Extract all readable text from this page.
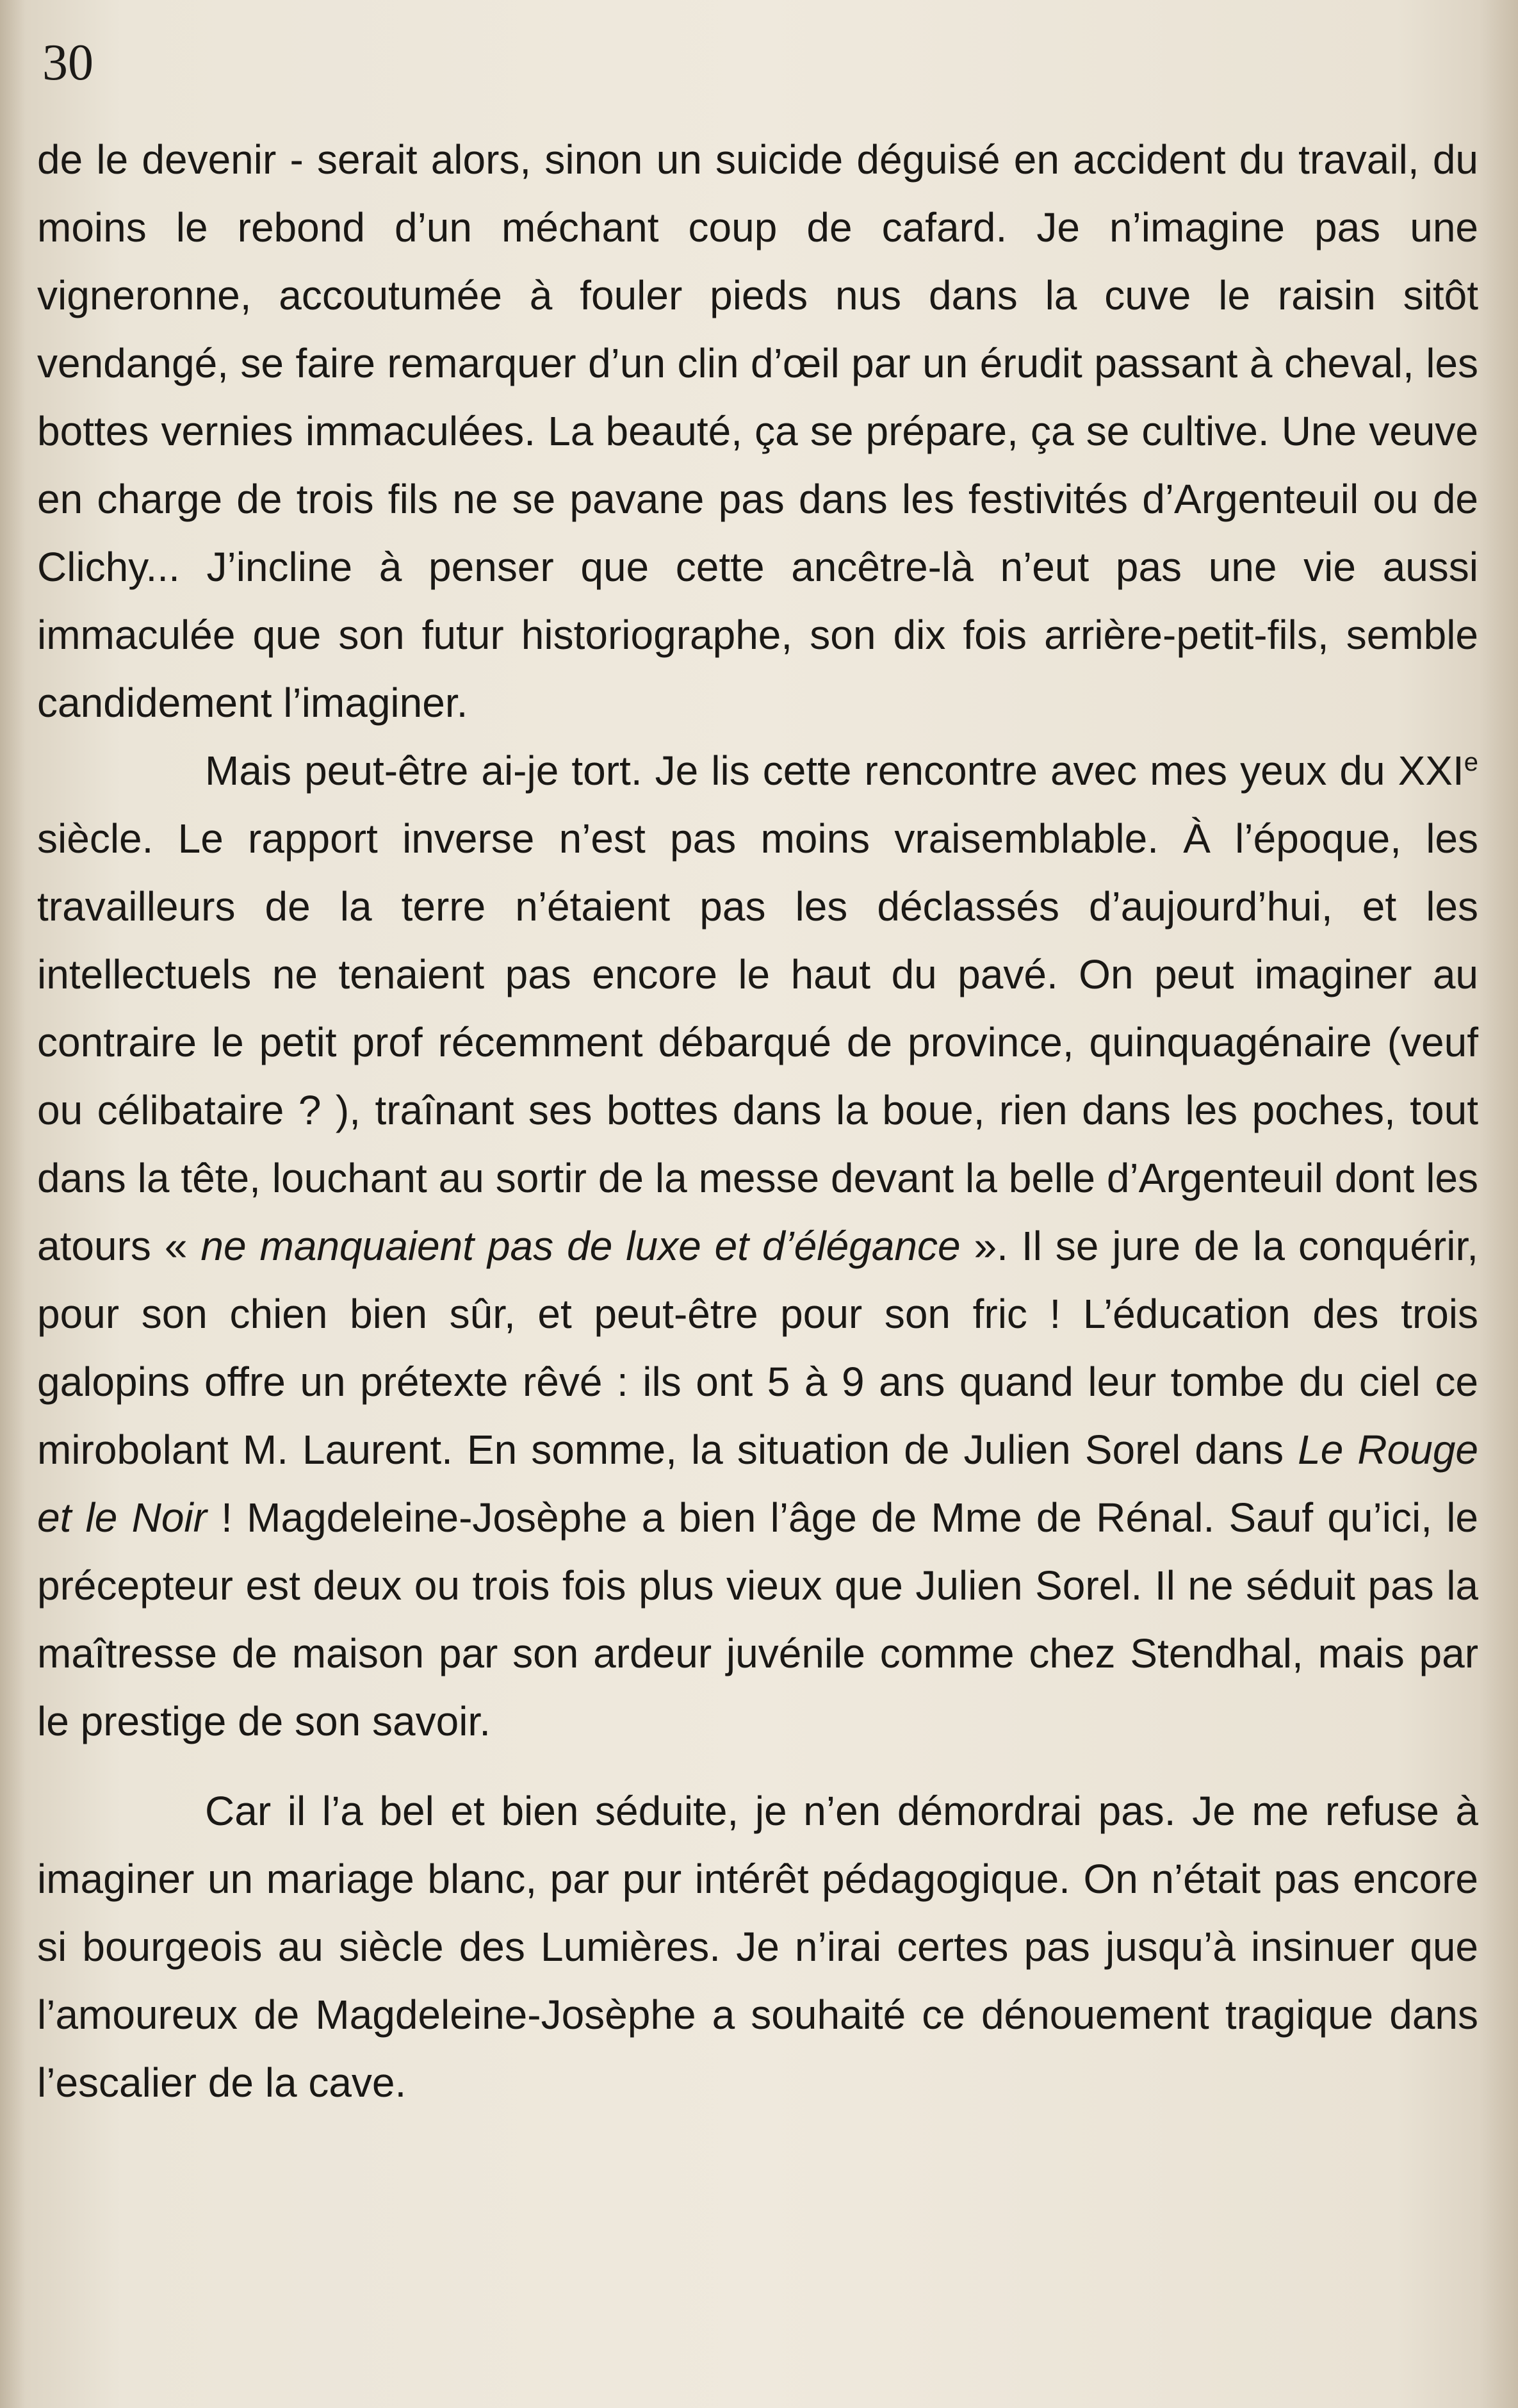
30

de le devenir - serait alors, sinon un suicide déguisé en accident du travail, du moins le rebond d’un méchant coup de cafard. Je n’imagine pas une vigneronne, accoutumée à fouler pieds nus dans la cuve le raisin sitôt vendangé, se faire remarquer d’un clin d’œil par un érudit passant à cheval, les bottes vernies immaculées. La beauté, ça se prépare, ça se cultive. Une veuve en charge de trois fils ne se pavane pas dans les festivités d’Argenteuil ou de Clichy... J’incline à penser que cette ancêtre-là n’eut pas une vie aussi immaculée que son futur historiographe, son dix fois arrière-petit-fils, semble candidement l’imaginer.

Mais peut-être ai-je tort. Je lis cette rencontre avec mes yeux du XXIe siècle. Le rapport inverse n’est pas moins vraisemblable. À l’époque, les travailleurs de la terre n’étaient pas les déclassés d’aujourd’hui, et les intellectuels ne tenaient pas encore le haut du pavé. On peut imaginer au contraire le petit prof récemment débarqué de province, quinquagénaire (veuf ou célibataire ? ), traînant ses bottes dans la boue, rien dans les poches, tout dans la tête, louchant au sortir de la messe devant la belle d’Argenteuil dont les atours « ne manquaient pas de luxe et d’élégance ». Il se jure de la conquérir, pour son chien bien sûr, et peut-être pour son fric ! L’éducation des trois galopins offre un prétexte rêvé : ils ont 5 à 9 ans quand leur tombe du ciel ce mirobolant M. Laurent. En somme, la situation de Julien Sorel dans Le Rouge et le Noir ! Magdeleine-Josèphe a bien l’âge de Mme de Rénal. Sauf qu’ici, le précepteur est deux ou trois fois plus vieux que Julien Sorel. Il ne séduit pas la maîtresse de maison par son ardeur juvénile comme chez Stendhal, mais par le prestige de son savoir.

Car il l’a bel et bien séduite, je n’en démordrai pas. Je me refuse à imaginer un mariage blanc, par pur intérêt pédagogique. On n’était pas encore si bourgeois au siècle des Lumières. Je n’irai certes pas jusqu’à insinuer que l’amoureux de Magdeleine-Josèphe a souhaité ce dénouement tragique dans l’escalier de la cave.
